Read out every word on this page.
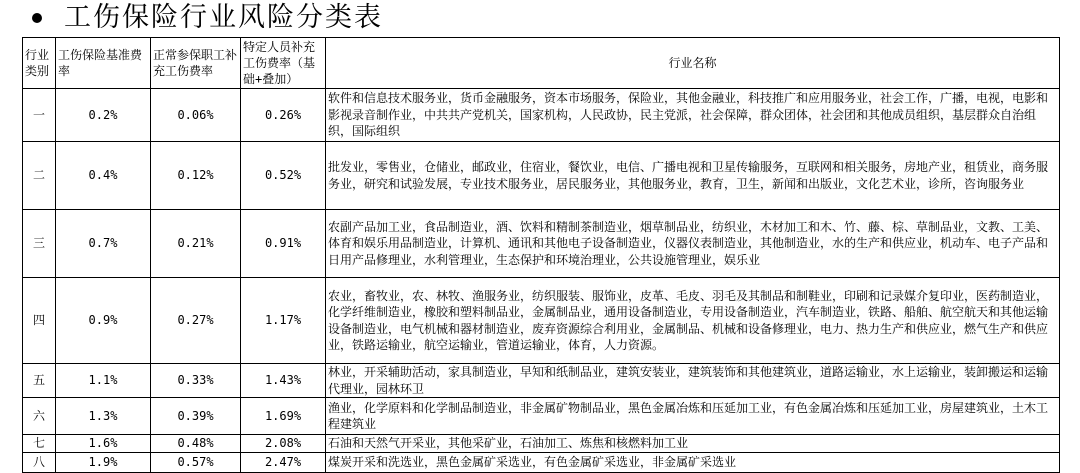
工伤保险行业风险分类表
行业类别	工伤保险基准费率	正常参保职工补充工伤费率	特定人员补充工伤费率（基础+叠加）	行业名称
一	0.2%	0.06%	0.26%	软件和信息技术服务业，货币金融服务，资本市场服务，保险业，其他金融业，科技推广和应用服务业，社会工作，广播，电视，电影和影视录音制作业，中共共产党机关，国家机构，人民政协，民主党派，社会保障，群众团体，社会团和其他成员组织，基层群众自治组织，国际组织
二	0.4%	0.12%	0.52%	批发业，零售业，仓储业，邮政业，住宿业，餐饮业，电信、广播电视和卫星传输服务，互联网和相关服务，房地产业，租赁业，商务服务业，研究和试验发展，专业技术服务业，居民服务业，其他服务业，教育，卫生，新闻和出版业，文化艺术业，诊所，咨询服务业
三	0.7%	0.21%	0.91%	农副产品加工业，食品制造业，酒、饮料和精制茶制造业，烟草制品业，纺织业，木材加工和木、竹、藤、棕、草制品业，文教、工美、体育和娱乐用品制造业，计算机、通讯和其他电子设备制造业，仪器仪表制造业，其他制造业，水的生产和供应业，机动车、电子产品和日用产品修理业，水利管理业，生态保护和环境治理业，公共设施管理业，娱乐业
四	0.9%	0.27%	1.17%	农业，畜牧业，农、林牧、渔服务业，纺织服装、服饰业，皮革、毛皮、羽毛及其制品和制鞋业，印刷和记录媒介复印业，医药制造业，化学纤维制造业，橡胶和塑料制品业，金属制品业，通用设备制造业，专用设备制造业，汽车制造业，铁路、船舶、航空航天和其他运输设备制造业，电气机械和器材制造业，废弃资源综合利用业，金属制品、机械和设备修理业，电力、热力生产和供应业，燃气生产和供应业，铁路运输业，航空运输业，管道运输业，体育，人力资源。
五	1.1%	0.33%	1.43%	林业，开采辅助活动，家具制造业，早知和纸制品业，建筑安装业，建筑装饰和其他建筑业，道路运输业，水上运输业，装卸搬运和运输代理业，园林环卫
六	1.3%	0.39%	1.69%	渔业，化学原料和化学制品制造业，非金属矿物制品业，黑色金属冶炼和压延加工业，有色金属冶炼和压延加工业，房屋建筑业，土木工程建筑业
七	1.6%	0.48%	2.08%	石油和天然气开采业，其他采矿业，石油加工、炼焦和核燃料加工业
八	1.9%	0.57%	2.47%	煤炭开采和洗选业，黑色金属矿采选业，有色金属矿采选业，非金属矿采选业
